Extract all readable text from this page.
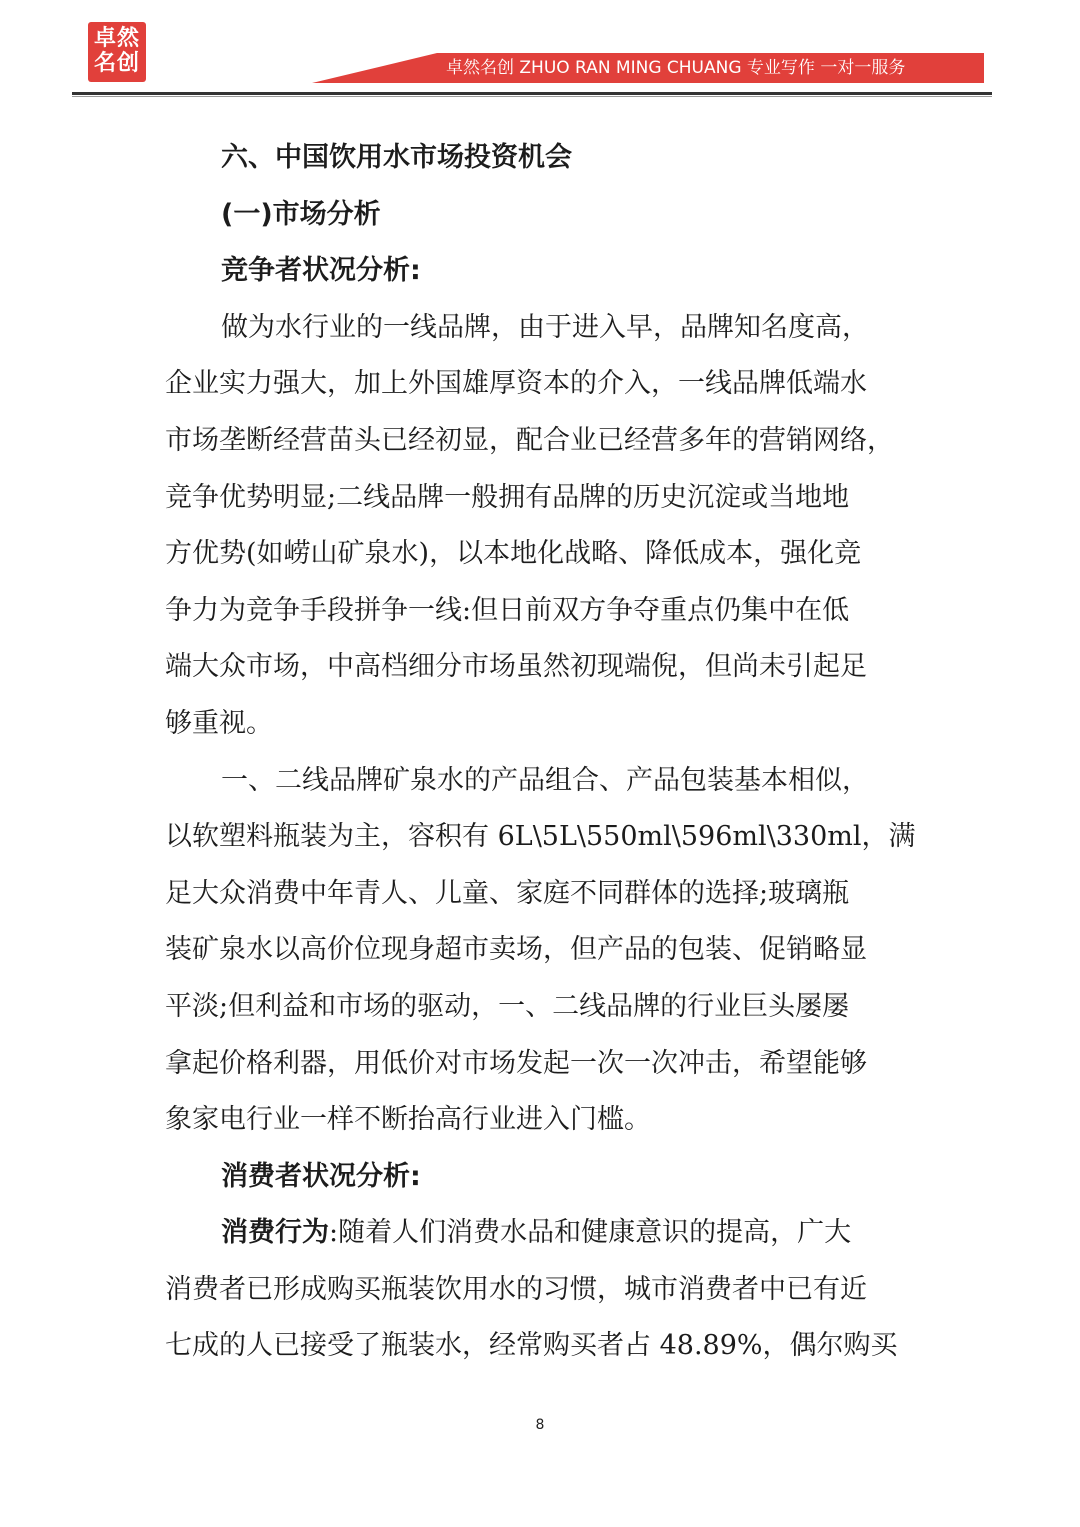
卓然名创	卓然名创 ZHUO RAN MING CHUANG 专业写作 一对一服务
六、中国饮用水市场投资机会
(一)市场分析
竞争者状况分析:
做为水行业的一线品牌，由于进入早，品牌知名度高，
企业实力强大，加上外国雄厚资本的介入，一线品牌低端水
市场垄断经营苗头已经初显，配合业已经营多年的营销网络，
竞争优势明显;二线品牌一般拥有品牌的历史沉淀或当地地
方优势(如崂山矿泉水)，以本地化战略、降低成本，强化竞
争力为竞争手段拼争一线:但日前双方争夺重点仍集中在低
端大众市场，中高档细分市场虽然初现端倪，但尚未引起足
够重视。
一、二线品牌矿泉水的产品组合、产品包装基本相似，
以软塑料瓶装为主，容积有 6L\5L\550ml\596ml\330ml，满
足大众消费中年青人、儿童、家庭不同群体的选择;玻璃瓶
装矿泉水以高价位现身超市卖场，但产品的包装、促销略显
平淡;但利益和市场的驱动，一、二线品牌的行业巨头屡屡
拿起价格利器，用低价对市场发起一次一次冲击，希望能够
象家电行业一样不断抬高行业进入门槛。
消费者状况分析:
消费行为:随着人们消费水品和健康意识的提高，广大
消费者已形成购买瓶装饮用水的习惯，城市消费者中已有近
七成的人已接受了瓶装水，经常购买者占 48.89%，偶尔购买
8
